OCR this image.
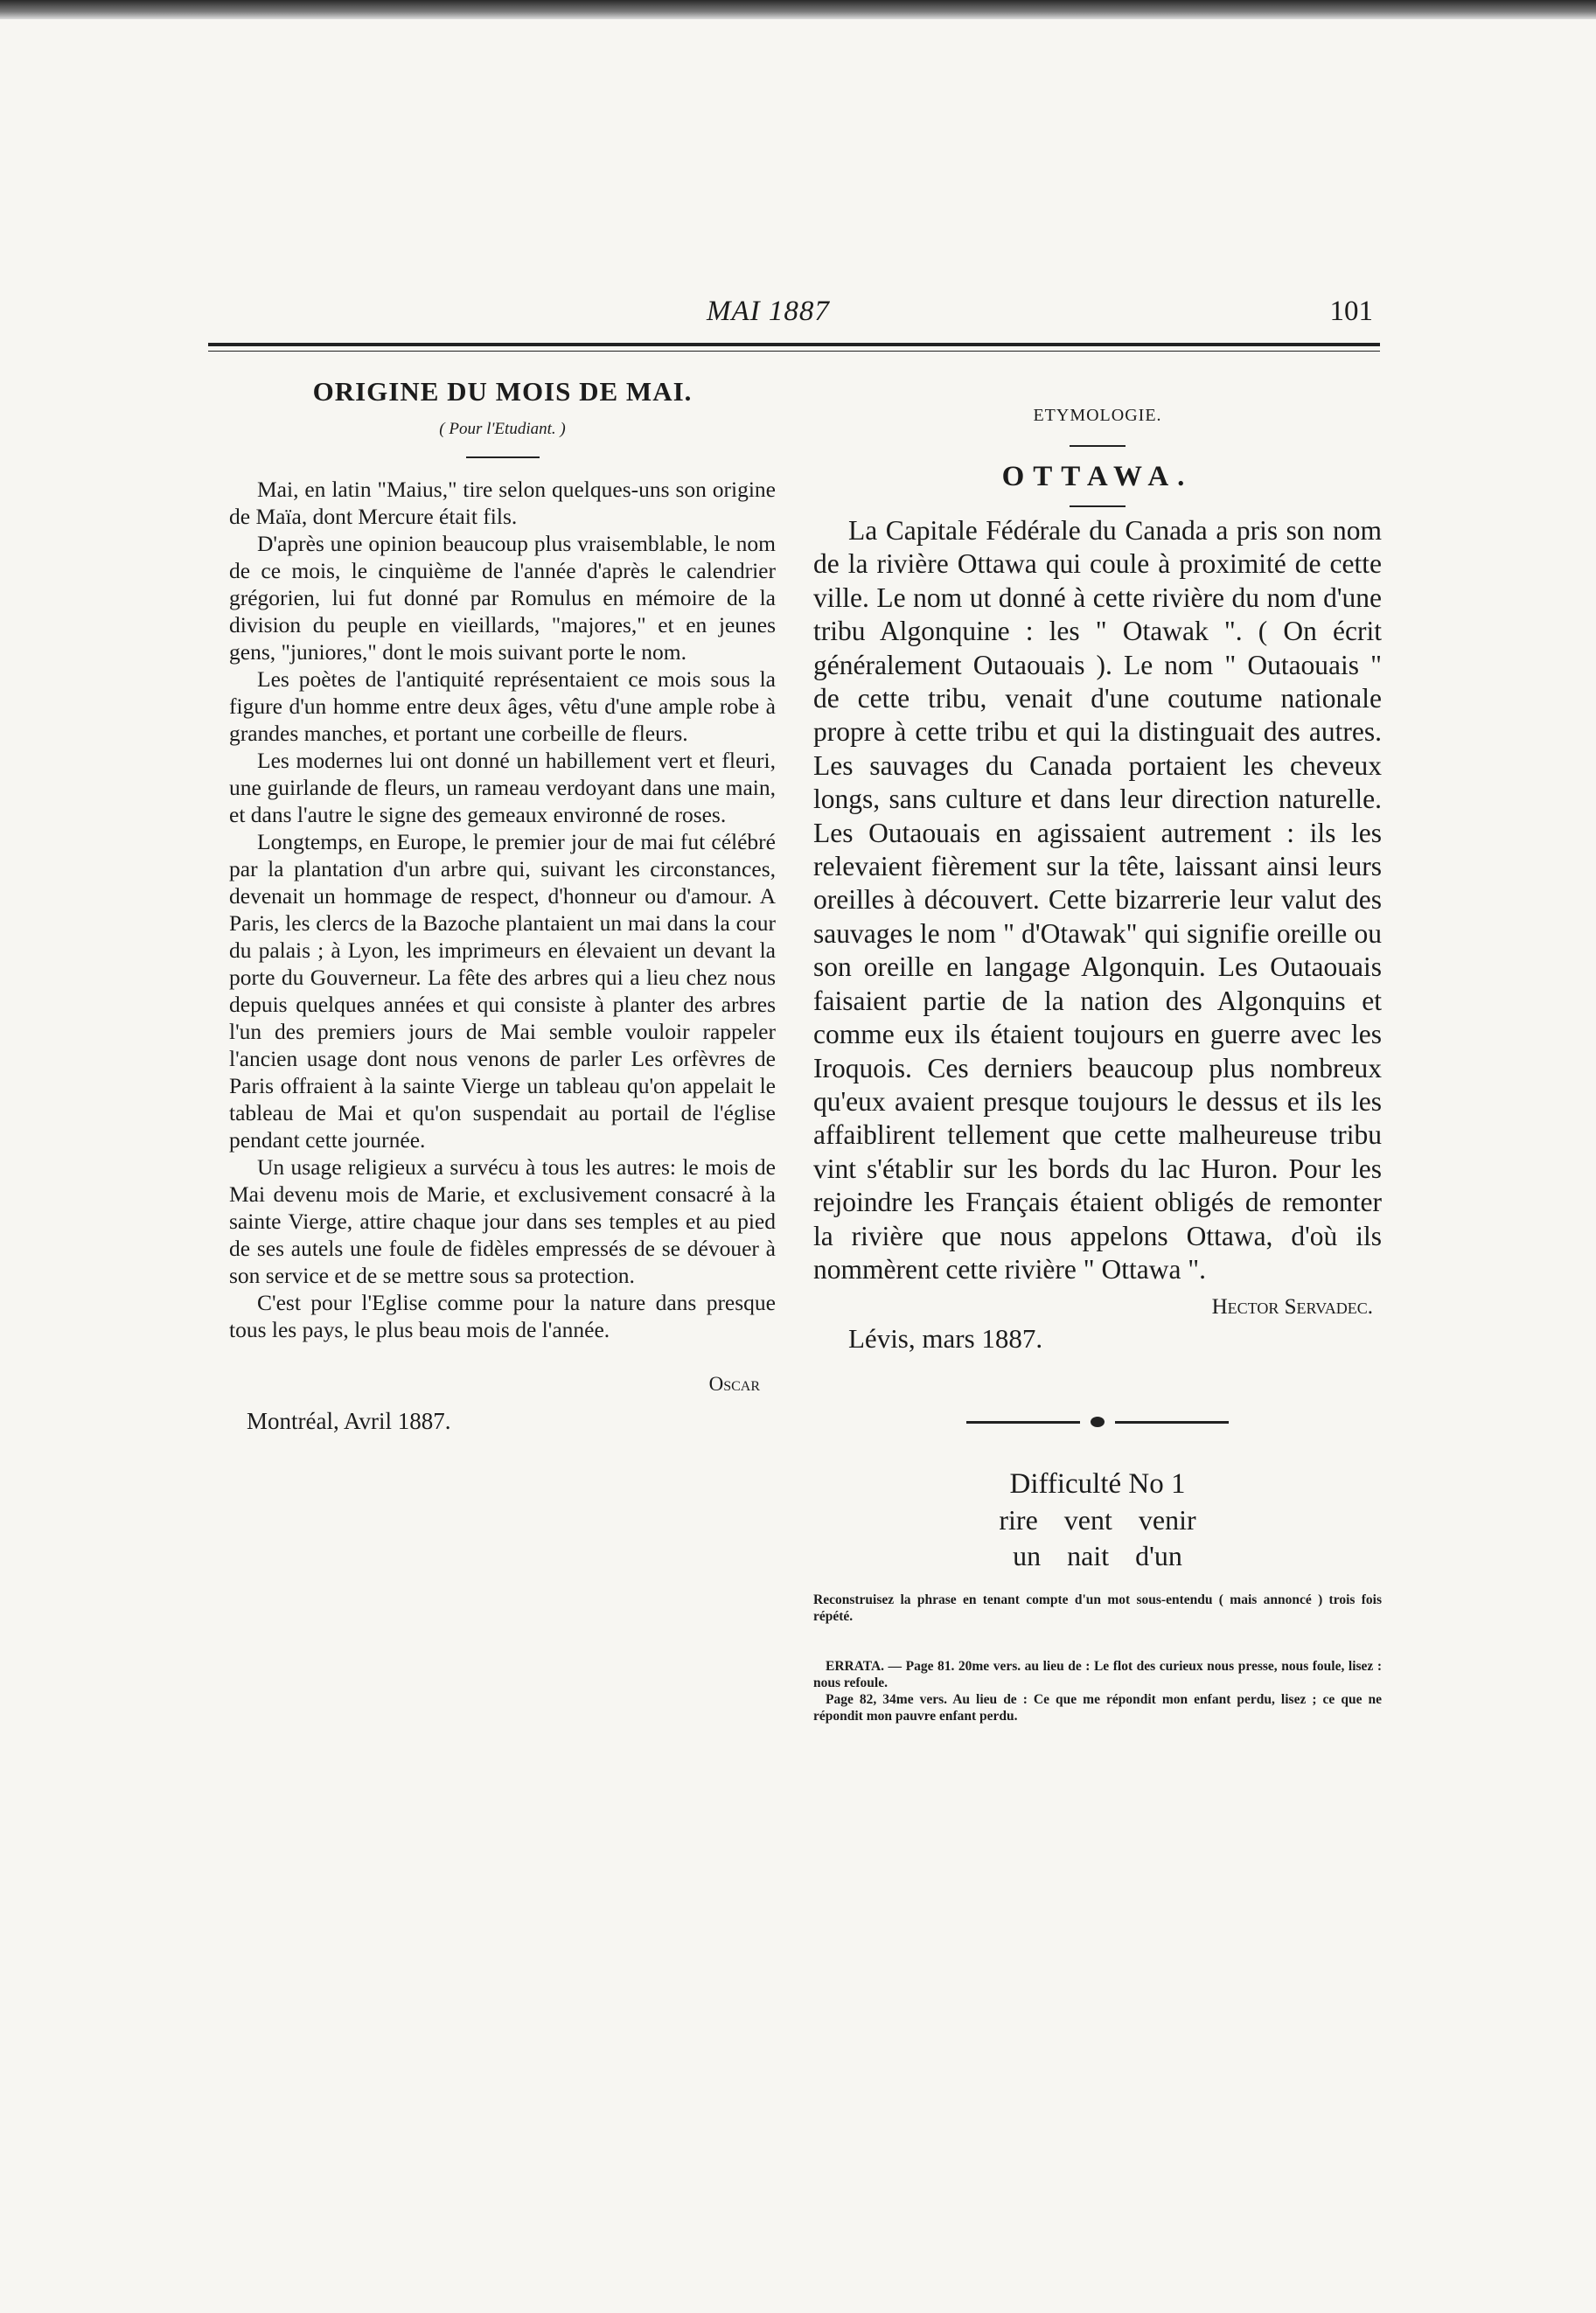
MAI 1887	101
ORIGINE DU MOIS DE MAI.

( Pour l'Etudiant. )

Mai, en latin "Maius," tire selon quelques-uns son origine de Maïa, dont Mercure était fils.

D'après une opinion beaucoup plus vraisemblable, le nom de ce mois, le cinquième de l'année d'après le calendrier grégorien, lui fut donné par Romulus en mémoire de la division du peuple en vieillards, "majores," et en jeunes gens, "juniores," dont le mois suivant porte le nom.

Les poètes de l'antiquité représentaient ce mois sous la figure d'un homme entre deux âges, vêtu d'une ample robe à grandes manches, et portant une corbeille de fleurs.

Les modernes lui ont donné un habillement vert et fleuri, une guirlande de fleurs, un rameau verdoyant dans une main, et dans l'autre le signe des gemeaux environné de roses.

Longtemps, en Europe, le premier jour de mai fut célébré par la plantation d'un arbre qui, suivant les circonstances, devenait un hommage de respect, d'honneur ou d'amour. A Paris, les clercs de la Bazoche plantaient un mai dans la cour du palais ; à Lyon, les imprimeurs en élevaient un devant la porte du Gouverneur. La fête des arbres qui a lieu chez nous depuis quelques années et qui consiste à planter des arbres l'un des premiers jours de Mai semble vouloir rappeler l'ancien usage dont nous venons de parler Les orfèvres de Paris offraient à la sainte Vierge un tableau qu'on appelait le tableau de Mai et qu'on suspendait au portail de l'église pendant cette journée.

Un usage religieux a survécu à tous les autres: le mois de Mai devenu mois de Marie, et exclusivement consacré à la sainte Vierge, attire chaque jour dans ses temples et au pied de ses autels une foule de fidèles empressés de se dévouer à son service et de se mettre sous sa protection.

C'est pour l'Eglise comme pour la nature dans presque tous les pays, le plus beau mois de l'année.

Oscar

Montréal, Avril 1887.

ETYMOLOGIE.

OTTAWA.

La Capitale Fédérale du Canada a pris son nom de la rivière Ottawa qui coule à proximité de cette ville. Le nom ut donné à cette rivière du nom d'une tribu Algonquine : les " Otawak ". ( On écrit généralement Outaouais ). Le nom " Outaouais " de cette tribu, venait d'une coutume nationale propre à cette tribu et qui la distinguait des autres. Les sauvages du Canada portaient les cheveux longs, sans culture et dans leur direction naturelle. Les Outaouais en agissaient autrement : ils les relevaient fièrement sur la tête, laissant ainsi leurs oreilles à découvert. Cette bizarrerie leur valut des sauvages le nom " d'Otawak" qui signifie oreille ou son oreille en langage Algonquin. Les Outaouais faisaient partie de la nation des Algonquins et comme eux ils étaient toujours en guerre avec les Iroquois. Ces derniers beaucoup plus nombreux qu'eux avaient presque toujours le dessus et ils les affaiblirent tellement que cette malheureuse tribu vint s'établir sur les bords du lac Huron. Pour les rejoindre les Français étaient obligés de remonter la rivière que nous appelons Ottawa, d'où ils nommèrent cette rivière " Ottawa ".

Hector Servadec.

Lévis, mars 1887.

Difficulté No 1

rire vent venir

un nait d'un

Reconstruisez la phrase en tenant compte d'un mot sous-entendu ( mais annoncé ) trois fois répété.

ERRATA. — Page 81. 20me vers. au lieu de : Le flot des curieux nous presse, nous foule, lisez : nous refoule.

Page 82, 34me vers. Au lieu de : Ce que me répondit mon enfant perdu, lisez ; ce que ne répondit mon pauvre enfant perdu.
